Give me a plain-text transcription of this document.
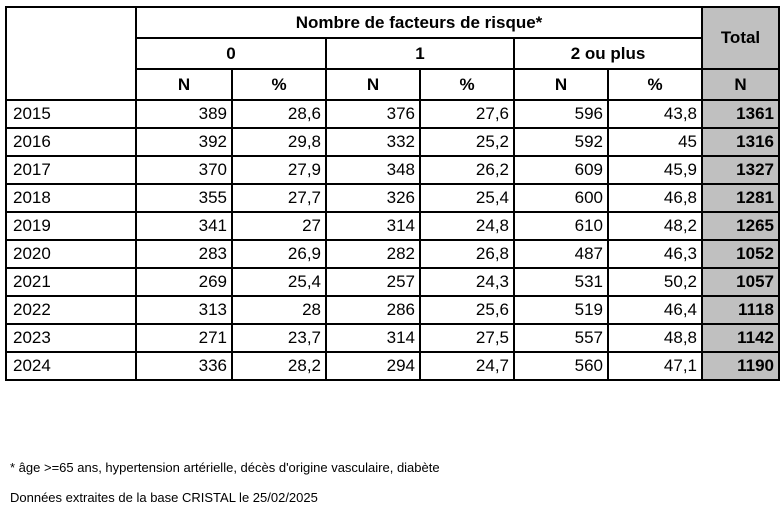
	Nombre de facteurs de risque*						Total
	0		1		2 ou plus		
	N	%	N	%	N	%	N
2015	389	28,6	376	27,6	596	43,8	1361
2016	392	29,8	332	25,2	592	45	1316
2017	370	27,9	348	26,2	609	45,9	1327
2018	355	27,7	326	25,4	600	46,8	1281
2019	341	27	314	24,8	610	48,2	1265
2020	283	26,9	282	26,8	487	46,3	1052
2021	269	25,4	257	24,3	531	50,2	1057
2022	313	28	286	25,6	519	46,4	1118
2023	271	23,7	314	27,5	557	48,8	1142
2024	336	28,2	294	24,7	560	47,1	1190
* âge >=65 ans, hypertension artérielle, décès d'origine vasculaire, diabète
Données extraites de la base CRISTAL le 25/02/2025
